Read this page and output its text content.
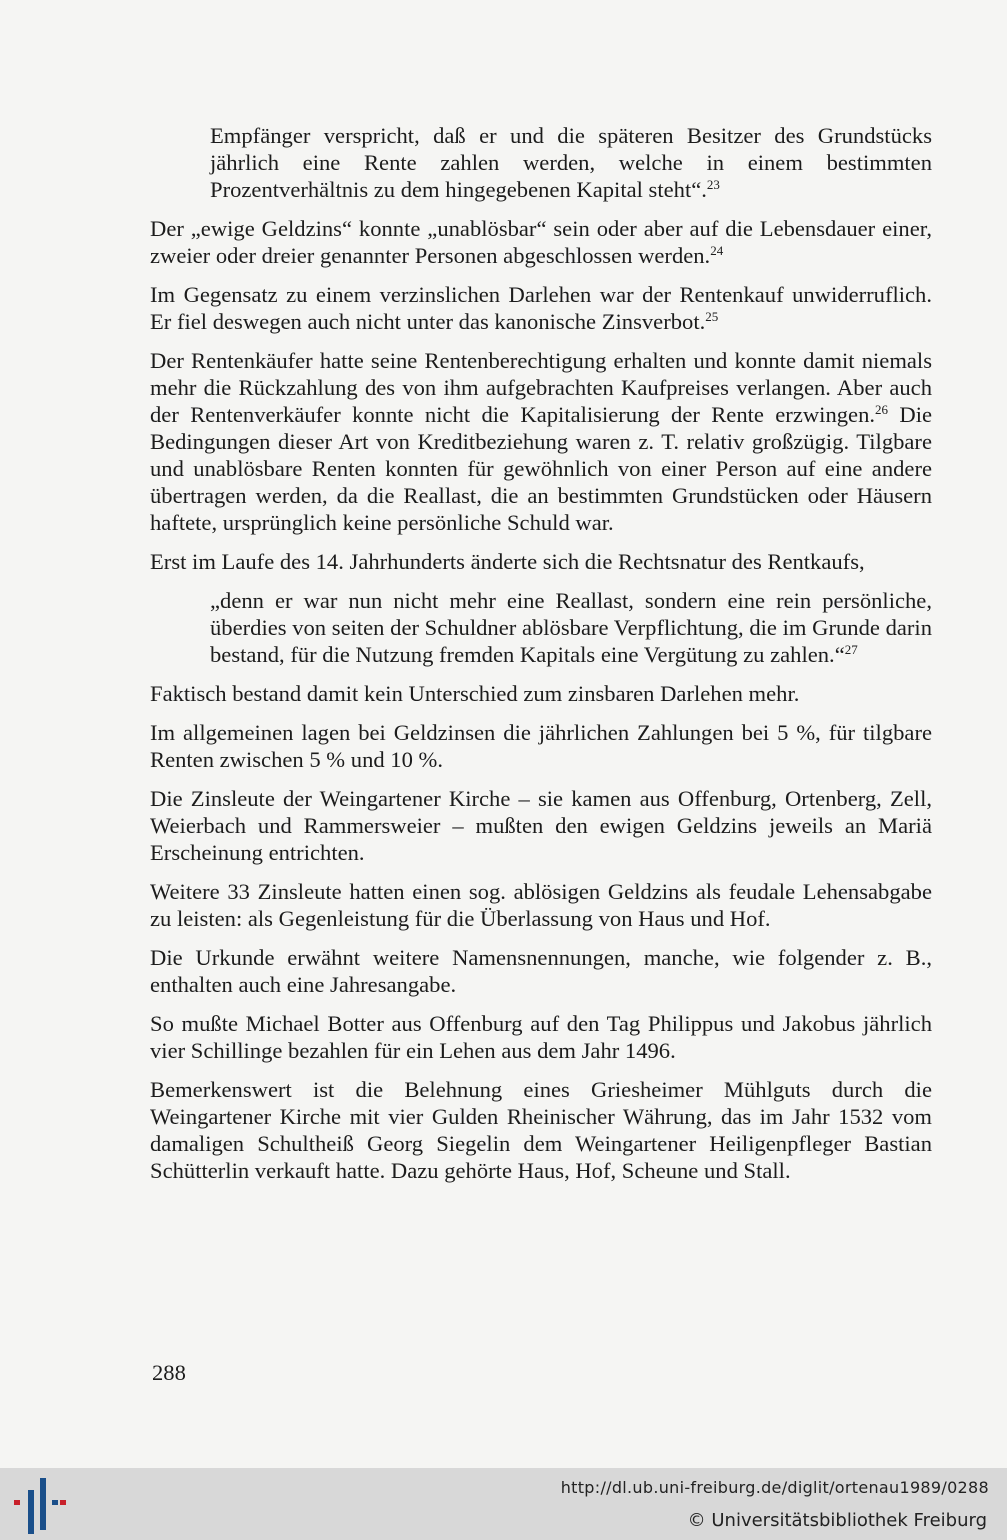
Empfänger verspricht, daß er und die späteren Besitzer des Grundstücks jährlich eine Rente zahlen werden, welche in einem bestimmten Prozentverhältnis zu dem hingegebenen Kapital steht“.$^{23}$

Der „ewige Geldzins“ konnte „unablösbar“ sein oder aber auf die Lebensdauer einer, zweier oder dreier genannter Personen abgeschlossen werden.$^{24}$

Im Gegensatz zu einem verzinslichen Darlehen war der Rentenkauf unwiderruflich. Er fiel deswegen auch nicht unter das kanonische Zinsverbot.$^{25}$

Der Rentenkäufer hatte seine Rentenberechtigung erhalten und konnte damit niemals mehr die Rückzahlung des von ihm aufgebrachten Kaufpreises verlangen. Aber auch der Rentenverkäufer konnte nicht die Kapitalisierung der Rente erzwingen.$^{26}$ Die Bedingungen dieser Art von Kreditbeziehung waren z. T. relativ großzügig. Tilgbare und unablösbare Renten konnten für gewöhnlich von einer Person auf eine andere übertragen werden, da die Reallast, die an bestimmten Grundstücken oder Häusern haftete, ursprünglich keine persönliche Schuld war.

Erst im Laufe des 14. Jahrhunderts änderte sich die Rechtsnatur des Rentkaufs,

„denn er war nun nicht mehr eine Reallast, sondern eine rein persönliche, überdies von seiten der Schuldner ablösbare Verpflichtung, die im Grunde darin bestand, für die Nutzung fremden Kapitals eine Vergütung zu zahlen.“$^{27}$

Faktisch bestand damit kein Unterschied zum zinsbaren Darlehen mehr.

Im allgemeinen lagen bei Geldzinsen die jährlichen Zahlungen bei 5 %, für tilgbare Renten zwischen 5 % und 10 %.

Die Zinsleute der Weingartener Kirche – sie kamen aus Offenburg, Ortenberg, Zell, Weierbach und Rammersweier – mußten den ewigen Geldzins jeweils an Mariä Erscheinung entrichten.

Weitere 33 Zinsleute hatten einen sog. ablösigen Geldzins als feudale Lehensabgabe zu leisten: als Gegenleistung für die Überlassung von Haus und Hof.

Die Urkunde erwähnt weitere Namensnennungen, manche, wie folgender z. B., enthalten auch eine Jahresangabe.

So mußte Michael Botter aus Offenburg auf den Tag Philippus und Jakobus jährlich vier Schillinge bezahlen für ein Lehen aus dem Jahr 1496.

Bemerkenswert ist die Belehnung eines Griesheimer Mühlguts durch die Weingartener Kirche mit vier Gulden Rheinischer Währung, das im Jahr 1532 vom damaligen Schultheiß Georg Siegelin dem Weingartener Heiligenpfleger Bastian Schütterlin verkauft hatte. Dazu gehörte Haus, Hof, Scheune und Stall.

288
http://dl.ub.uni-freiburg.de/diglit/ortenau1989/0288
© Universitätsbibliothek Freiburg
